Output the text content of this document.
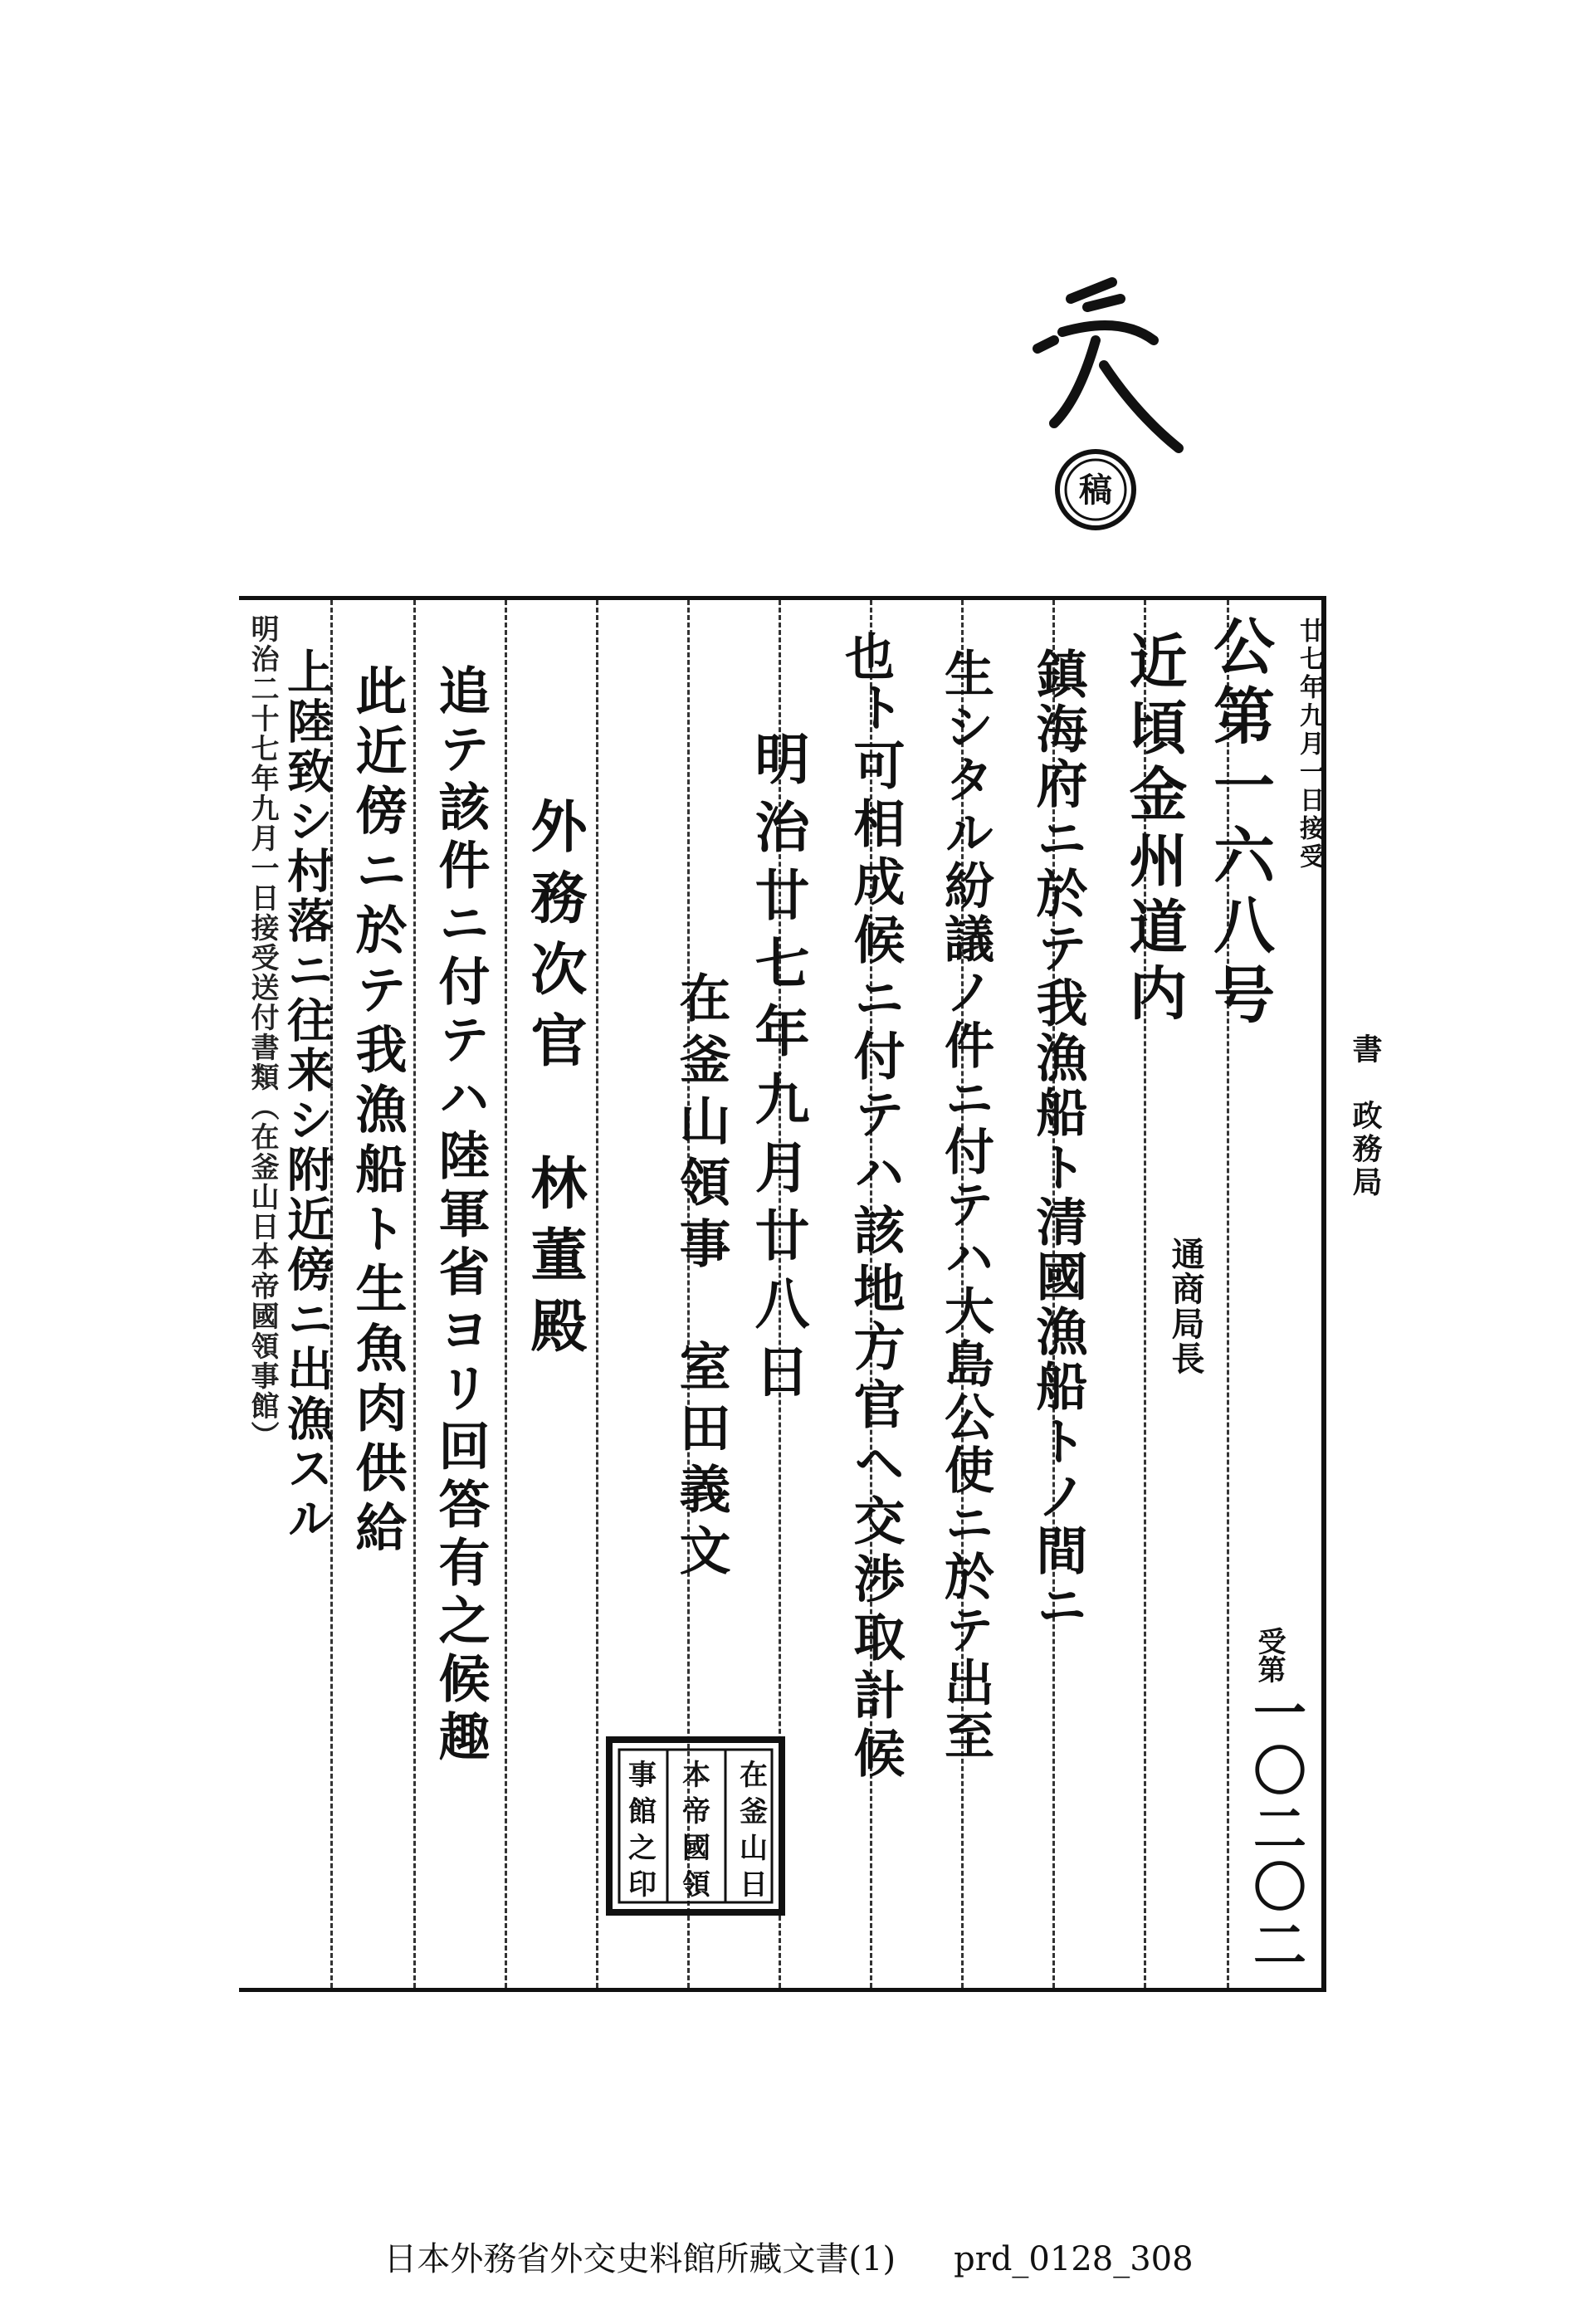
稿
廿七年九月一日接受
書　政務局
通商局長
受第
一〇二〇二
公第一六八号
近頃金州道内
鎮海府ニ於テ我漁船ト清國漁船トノ間ニ
生シタル紛議ノ件ニ付テハ大島公使ニ於テ出至
ト可相成候ニ付テハ該地方官ヘ交渉取計候
也
明治廿七年九月廿八日
在釜山領事　室田義文
外務次官　林董殿
追テ該件ニ付テハ陸軍省ヨリ回答有之候趣
此近傍ニ於テ我漁船ト生魚肉供給
上陸致シ村落ニ往来シ附近傍ニ出漁スル
明治二十七年九月一日接受送付書類（在釜山日本帝國領事館）
在
釜
山
日
本
帝
國
領
事
館
之
印
日本外務省外交史料館所藏文書(1) prd_0128_308
